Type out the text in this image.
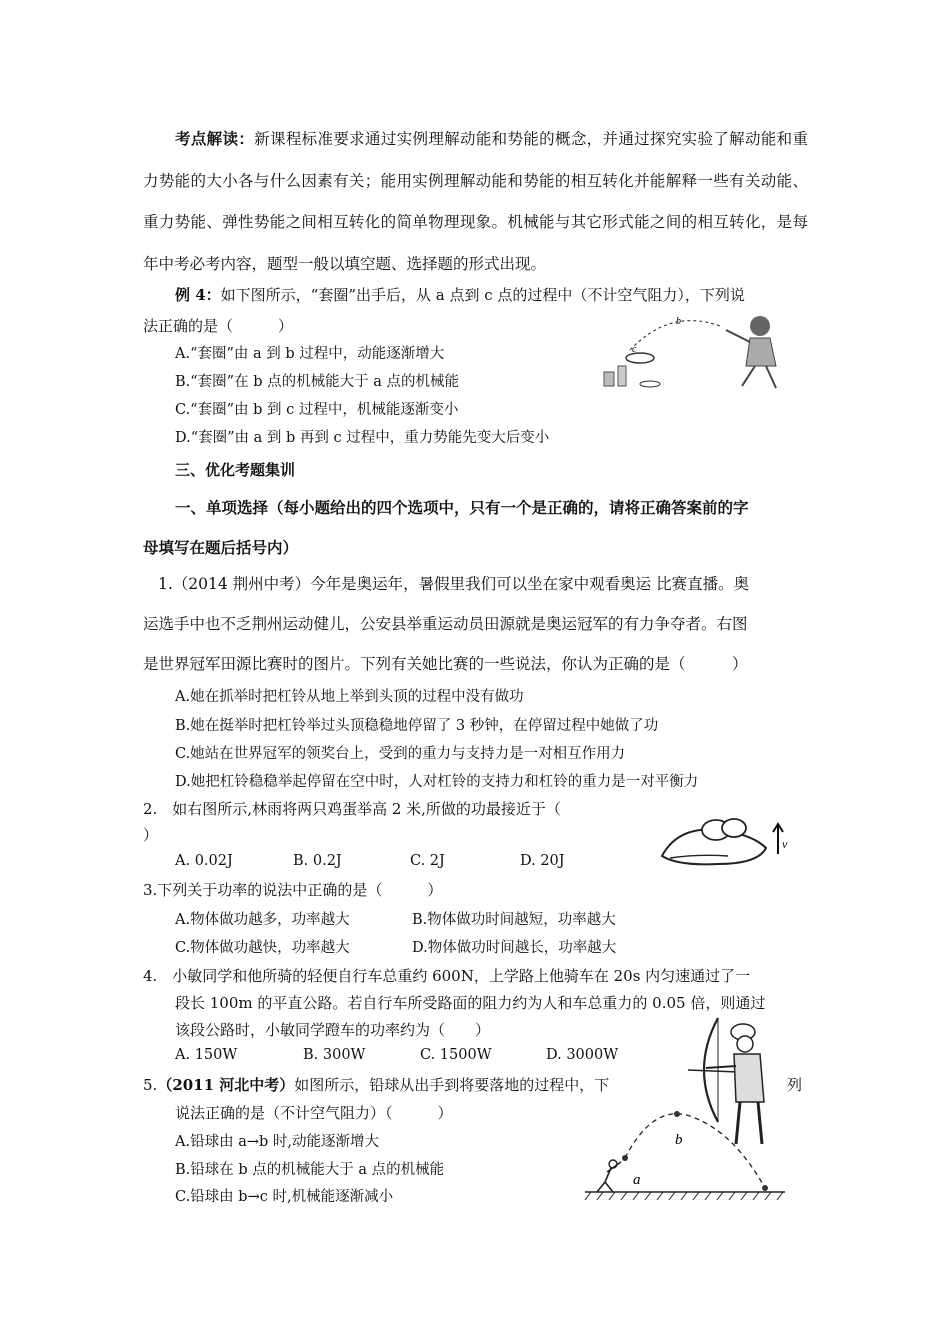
考点解读：新课程标准要求通过实例理解动能和势能的概念，并通过探究实验了解动能和重力势能的大小各与什么因素有关；能用实例理解动能和势能的相互转化并能解释一些有关动能、重力势能、弹性势能之间相互转化的简单物理现象。机械能与其它形式能之间的相互转化，是每年中考必考内容，题型一般以填空题、选择题的形式出现。
例 4：如下图所示，“套圈”出手后，从 a 点到 c 点的过程中（不计空气阻力），下列说
法正确的是（　　　）
A.“套圈”由 a 到 b 过程中，动能逐渐增大
B.“套圈”在 b 点的机械能大于 a 点的机械能
C.“套圈”由 b 到 c 过程中，机械能逐渐变小
D.“套圈”由 a 到 b 再到 c 过程中，重力势能先变大后变小
b
c
三、优化考题集训
一、单项选择（每小题给出的四个选项中，只有一个是正确的，请将正确答案前的字
母填写在题后括号内）
1.（2014 荆州中考）今年是奥运年，暑假里我们可以坐在家中观看奥运 比赛直播。奥
运选手中也不乏荆州运动健儿，公安县举重运动员田源就是奥运冠军的有力争夺者。右图
是世界冠军田源比赛时的图片。下列有关她比赛的一些说法，你认为正确的是（　　　）
A.她在抓举时把杠铃从地上举到头顶的过程中没有做功
B.她在挺举时把杠铃举过头顶稳稳地停留了 3 秒钟，在停留过程中她做了功
C.她站在世界冠军的领奖台上，受到的重力与支持力是一对相互作用力
D.她把杠铃稳稳举起停留在空中时，人对杠铃的支持力和杠铃的重力是一对平衡力
2.　如右图所示,林雨将两只鸡蛋举高 2 米,所做的功最接近于（
）
A. 0.02J	B. 0.2J	C. 2J	D. 20J
v
3.下列关于功率的说法中正确的是（　　　）
A.物体做功越多，功率越大	B.物体做功时间越短，功率越大
C.物体做功越快，功率越大	D.物体做功时间越长，功率越大
4.　小敏同学和他所骑的轻便自行车总重约 600N，上学路上他骑车在 20s 内匀速通过了一
段长 100m 的平直公路。若自行车所受路面的阻力约为人和车总重力的 0.05 倍，则通过
该段公路时，小敏同学蹬车的功率约为（　　）
A. 150W	B. 300W	C. 1500W	D. 3000W
5.（2011 河北中考）如图所示，铅球从出手到将要落地的过程中，下	列
说法正确的是（不计空气阻力）（　　　）
A.铅球由 a→b 时,动能逐渐增大
B.铅球在 b 点的机械能大于 a 点的机械能
C.铅球由 b→c 时,机械能逐渐减小
b
a
